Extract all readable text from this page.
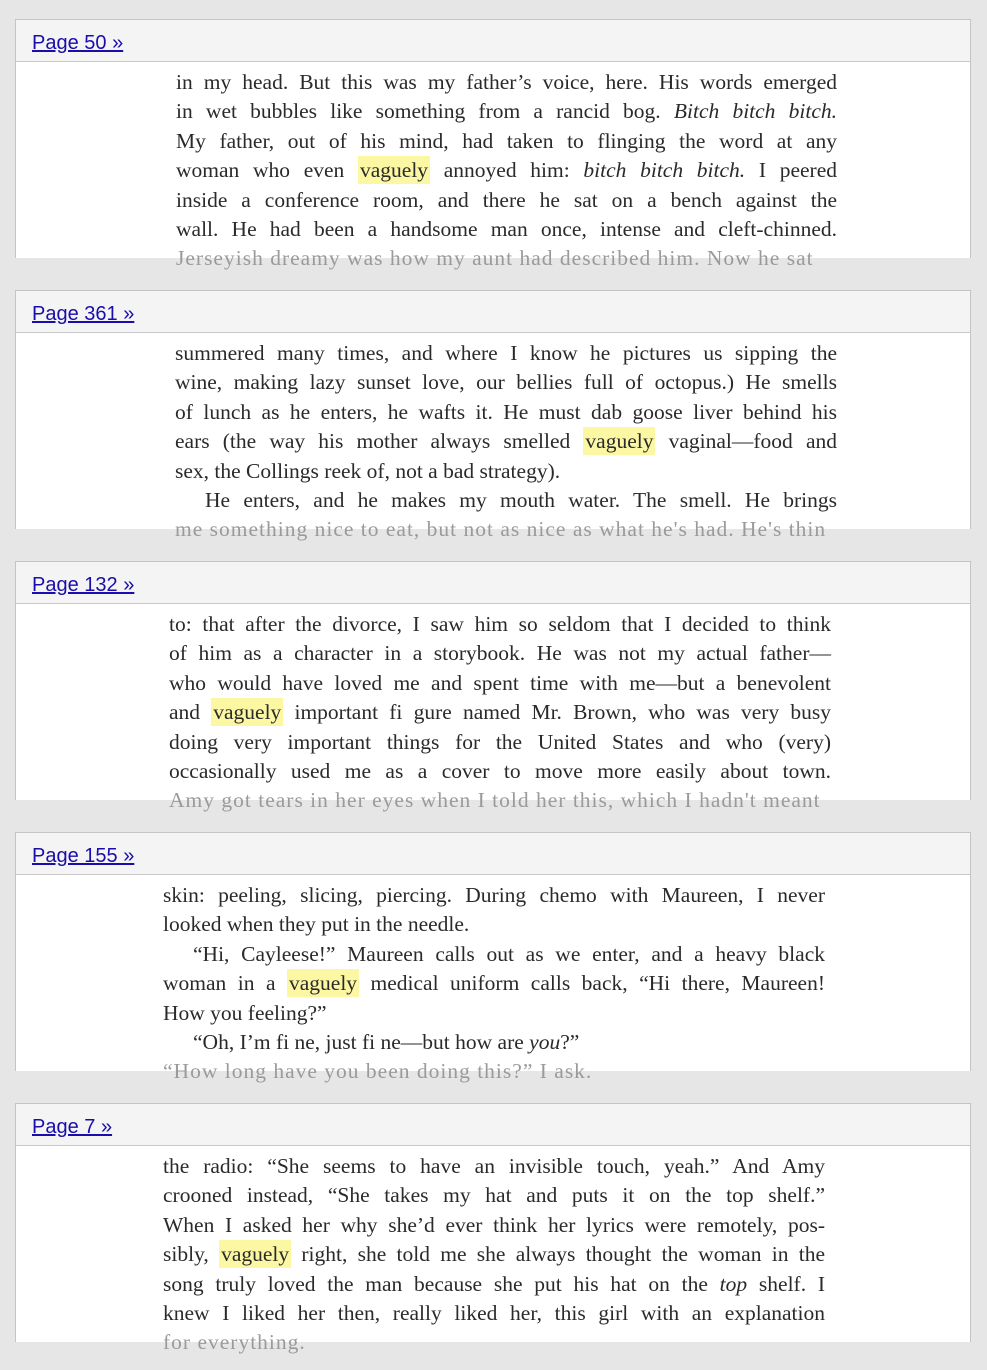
Page 50 »
in my head. But this was my father’s voice, here. His words emerged
in wet bubbles like something from a rancid bog. Bitch bitch bitch.
My father, out of his mind, had taken to flinging the word at any
woman who even vaguely annoyed him: bitch bitch bitch. I peered
inside a conference room, and there he sat on a bench against the
wall. He had been a handsome man once, intense and cleft-chinned.
Jerseyish dreamy was how my aunt had described him. Now he sat
Page 361 »
summered many times, and where I know he pictures us sipping the
wine, making lazy sunset love, our bellies full of octopus.) He smells
of lunch as he enters, he wafts it. He must dab goose liver behind his
ears (the way his mother always smelled vaguely vaginal—food and
sex, the Collings reek of, not a bad strategy).
He enters, and he makes my mouth water. The smell. He brings
me something nice to eat, but not as nice as what he's had. He's thin
Page 132 »
to: that after the divorce, I saw him so seldom that I decided to think
of him as a character in a storybook. He was not my actual father—
who would have loved me and spent time with me—but a benevolent
and vaguely important fi gure named Mr. Brown, who was very busy
doing very important things for the United States and who (very)
occasionally used me as a cover to move more easily about town.
Amy got tears in her eyes when I told her this, which I hadn't meant
Page 155 »
skin: peeling, slicing, piercing. During chemo with Maureen, I never
looked when they put in the needle.
“Hi, Cayleese!” Maureen calls out as we enter, and a heavy black
woman in a vaguely medical uniform calls back, “Hi there, Maureen!
How you feeling?”
“Oh, I’m fi ne, just fi ne—but how are you?”
“How long have you been doing this?” I ask.
Page 7 »
the radio: “She seems to have an invisible touch, yeah.” And Amy
crooned instead, “She takes my hat and puts it on the top shelf.”
When I asked her why she’d ever think her lyrics were remotely, pos-
sibly, vaguely right, she told me she always thought the woman in the
song truly loved the man because she put his hat on the top shelf. I
knew I liked her then, really liked her, this girl with an explanation
for everything.
